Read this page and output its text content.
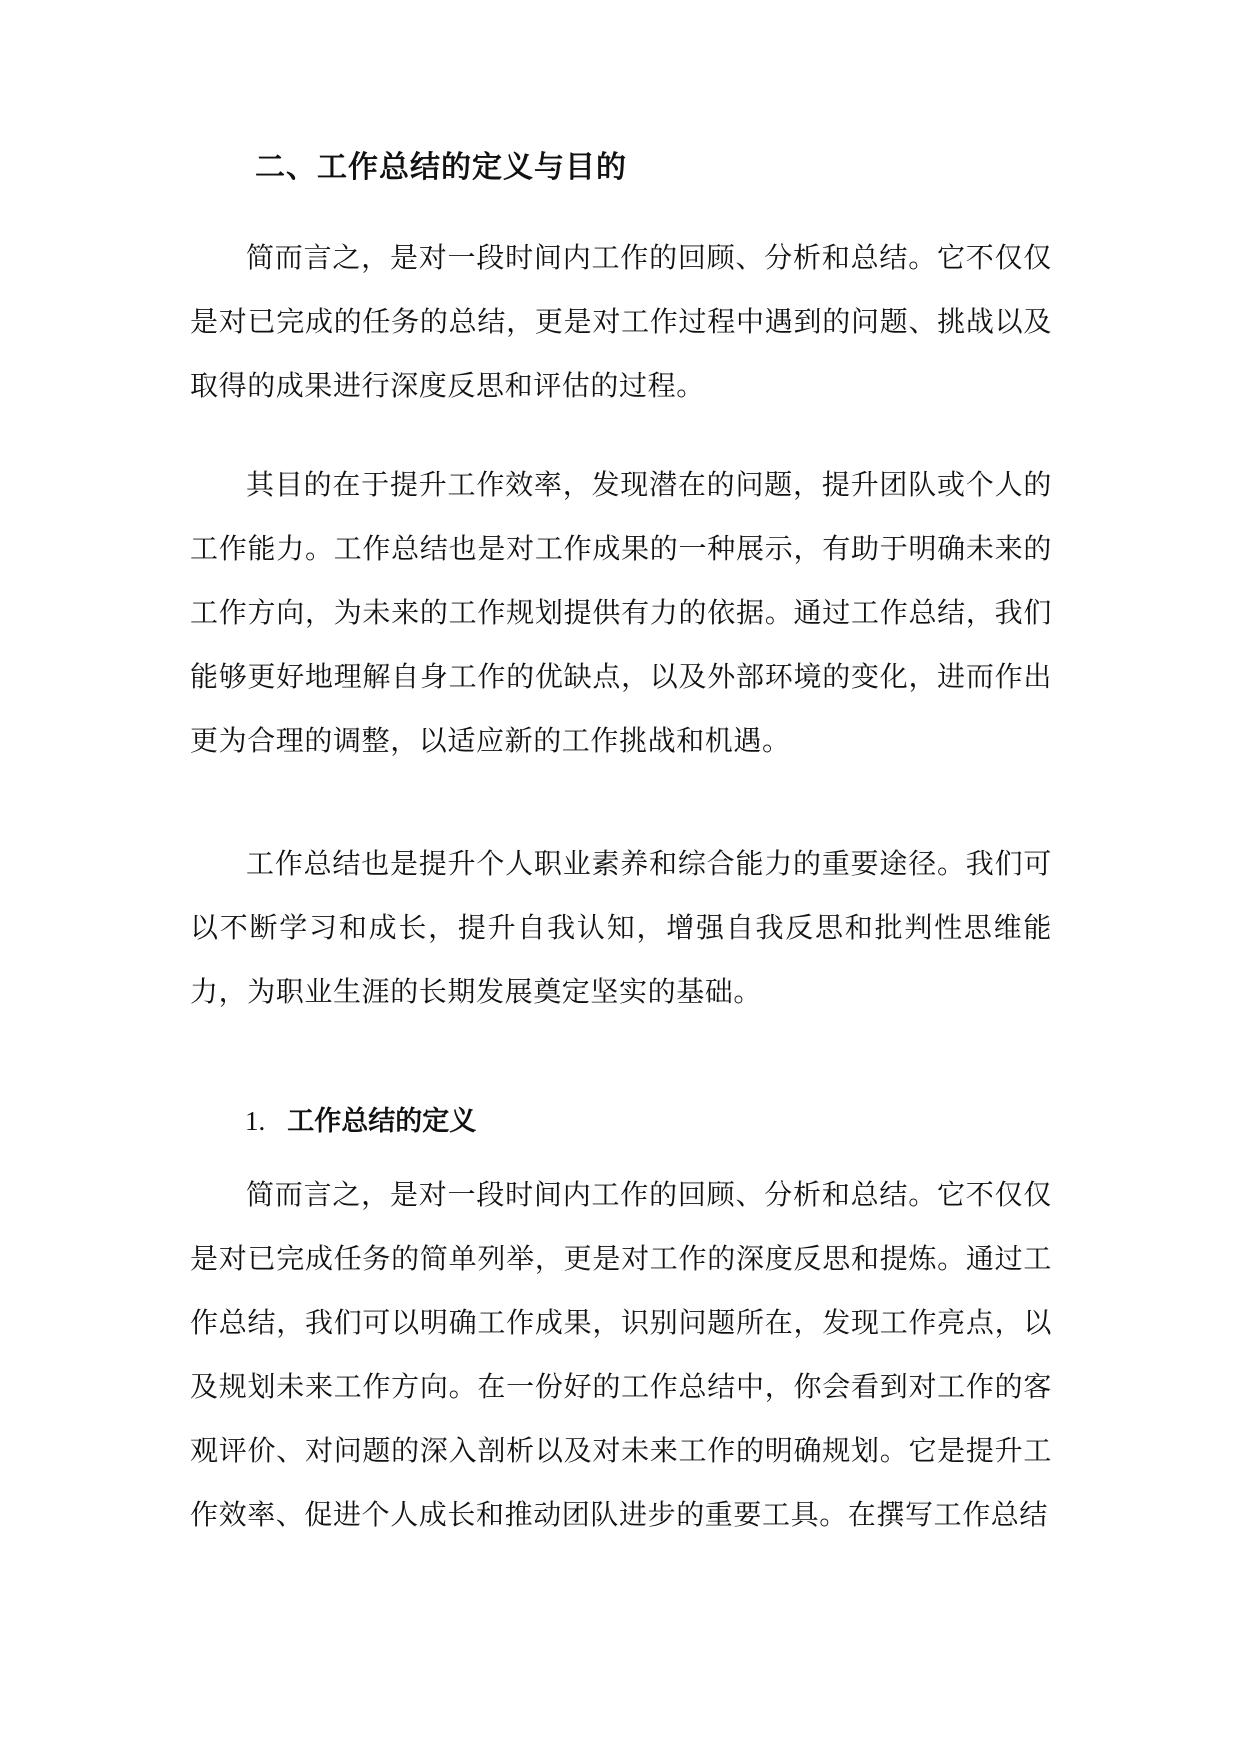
二、工作总结的定义与目的

简而言之，是对一段时间内工作的回顾、分析和总结。它不仅仅是对已完成的任务的总结，更是对工作过程中遇到的问题、挑战以及取得的成果进行深度反思和评估的过程。

其目的在于提升工作效率，发现潜在的问题，提升团队或个人的工作能力。工作总结也是对工作成果的一种展示，有助于明确未来的工作方向，为未来的工作规划提供有力的依据。通过工作总结，我们能够更好地理解自身工作的优缺点，以及外部环境的变化，进而作出更为合理的调整，以适应新的工作挑战和机遇。

工作总结也是提升个人职业素养和综合能力的重要途径。我们可以不断学习和成长，提升自我认知，增强自我反思和批判性思维能力，为职业生涯的长期发展奠定坚实的基础。

1. 工作总结的定义

简而言之，是对一段时间内工作的回顾、分析和总结。它不仅仅是对已完成任务的简单列举，更是对工作的深度反思和提炼。通过工作总结，我们可以明确工作成果，识别问题所在，发现工作亮点，以及规划未来工作方向。在一份好的工作总结中，你会看到对工作的客观评价、对问题的深入剖析以及对未来工作的明确规划。它是提升工作效率、促进个人成长和推动团队进步的重要工具。在撰写工作总结
